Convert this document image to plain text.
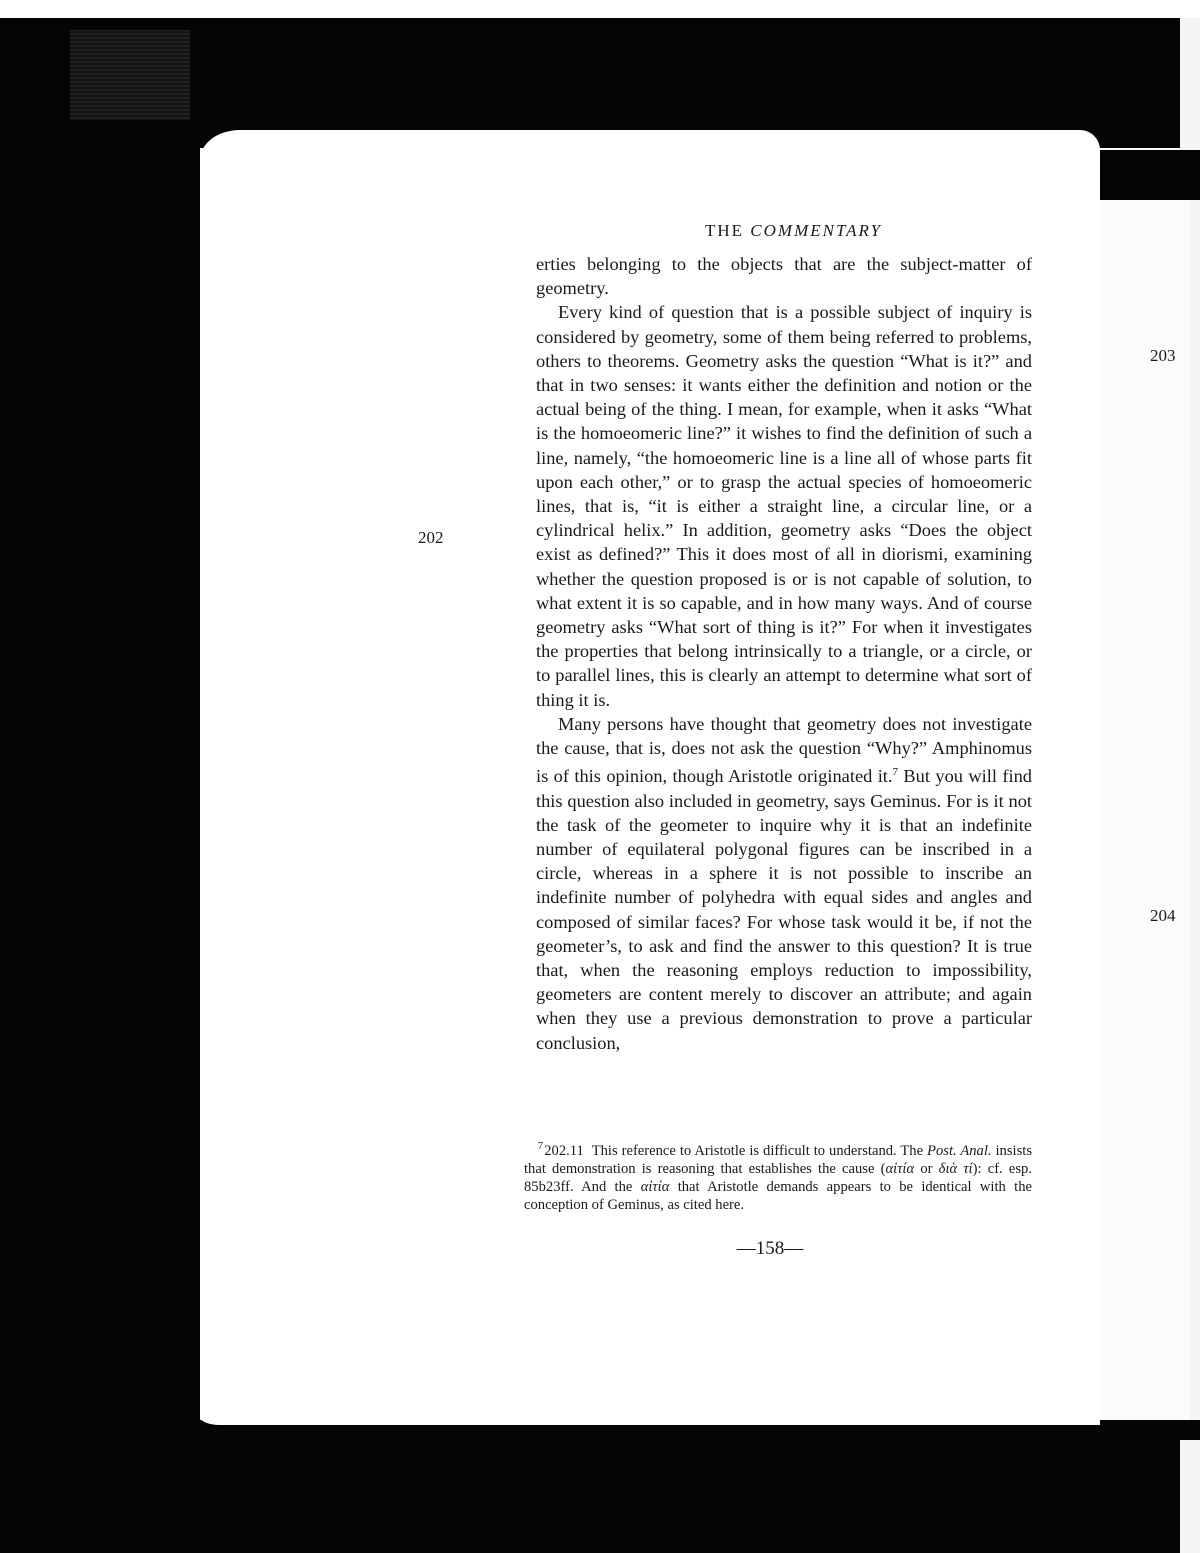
THE COMMENTARY
202
203
204

erties belonging to the objects that are the subject-matter of geometry.

Every kind of question that is a possible subject of inquiry is considered by geometry, some of them being referred to problems, others to theorems. Geometry asks the question “What is it?” and that in two senses: it wants either the definition and notion or the actual being of the thing. I mean, for example, when it asks “What is the homoeomeric line?” it wishes to find the definition of such a line, namely, “the homoeomeric line is a line all of whose parts fit upon each other,” or to grasp the actual species of homoeomeric lines, that is, “it is either a straight line, a circular line, or a cylindrical helix.” In addition, geometry asks “Does the object exist as defined?” This it does most of all in diorismi, examining whether the question proposed is or is not capable of solution, to what extent it is so capable, and in how many ways. And of course geometry asks “What sort of thing is it?” For when it investigates the properties that belong intrinsically to a triangle, or a circle, or to parallel lines, this is clearly an attempt to determine what sort of thing it is.

Many persons have thought that geometry does not investigate the cause, that is, does not ask the question “Why?” Amphinomus is of this opinion, though Aristotle originated it.$^7$ But you will find this question also included in geometry, says Geminus. For is it not the task of the geometer to inquire why it is that an indefinite number of equilateral polygonal figures can be inscribed in a circle, whereas in a sphere it is not possible to inscribe an indefinite number of polyhedra with equal sides and angles and composed of similar faces? For whose task would it be, if not the geometer’s, to ask and find the answer to this question? It is true that, when the reasoning employs reduction to impossibility, geometers are content merely to discover an attribute; and again when they use a previous demonstration to prove a particular conclusion,

$^7$ 202.11 This reference to Aristotle is difficult to understand. The Post. Anal. insists that demonstration is reasoning that establishes the cause (αἰτία or διὰ τί): cf. esp. 85b23ff. And the αἰτία that Aristotle demands appears to be identical with the conception of Geminus, as cited here.

—158—
